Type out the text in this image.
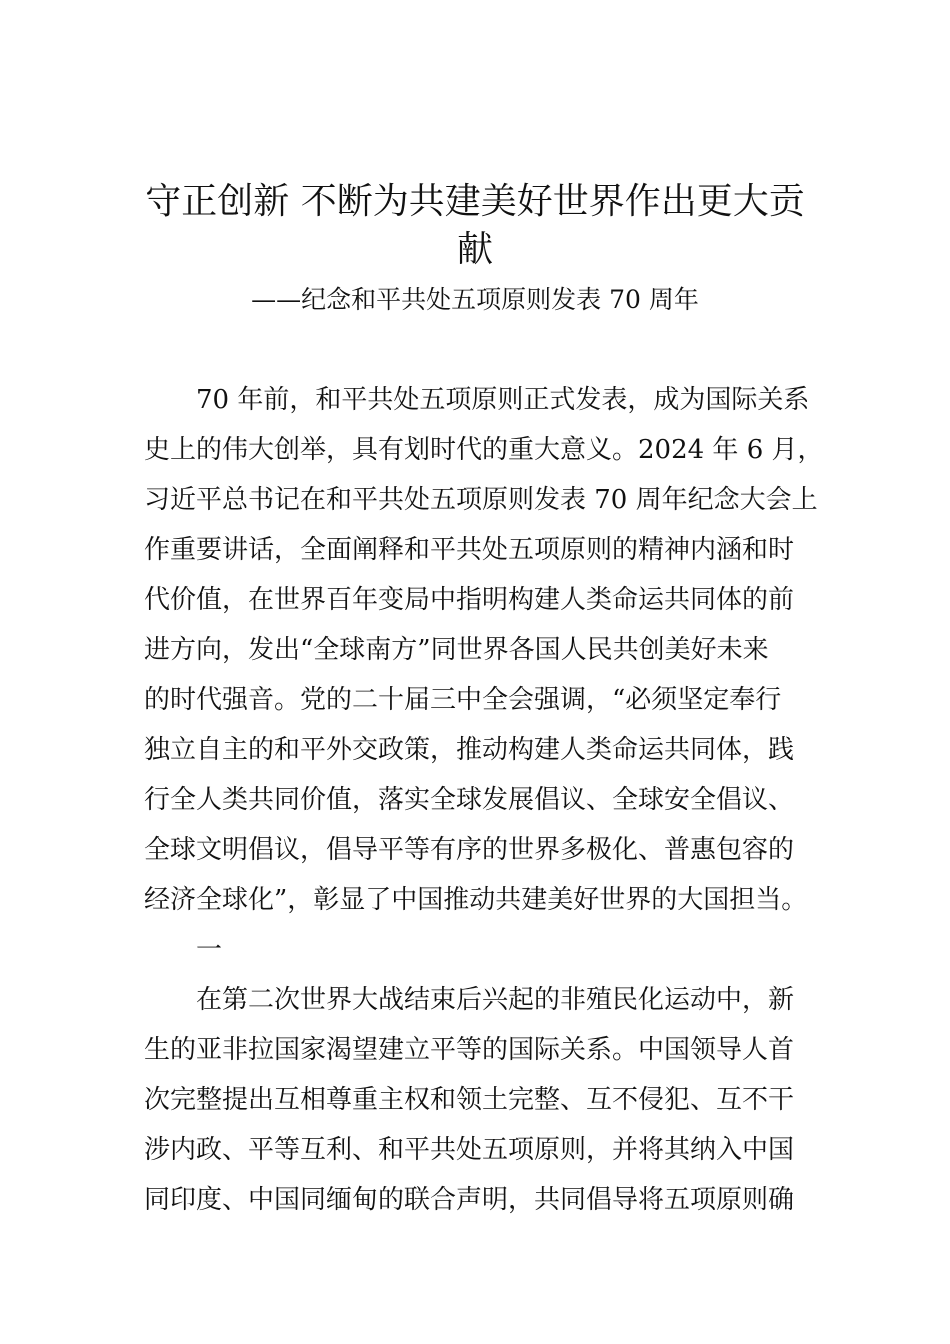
守正创新 不断为共建美好世界作出更大贡
献

——纪念和平共处五项原则发表 70 周年

70 年前，和平共处五项原则正式发表，成为国际关系

史上的伟大创举，具有划时代的重大意义。2024 年 6 月，

习近平总书记在和平共处五项原则发表 70 周年纪念大会上

作重要讲话，全面阐释和平共处五项原则的精神内涵和时

代价值，在世界百年变局中指明构建人类命运共同体的前

进方向，发出“全球南方”同世界各国人民共创美好未来

的时代强音。党的二十届三中全会强调，“必须坚定奉行

独立自主的和平外交政策，推动构建人类命运共同体，践

行全人类共同价值，落实全球发展倡议、全球安全倡议、

全球文明倡议，倡导平等有序的世界多极化、普惠包容的

经济全球化”，彰显了中国推动共建美好世界的大国担当。

一

在第二次世界大战结束后兴起的非殖民化运动中，新

生的亚非拉国家渴望建立平等的国际关系。中国领导人首

次完整提出互相尊重主权和领土完整、互不侵犯、互不干

涉内政、平等互利、和平共处五项原则，并将其纳入中国

同印度、中国同缅甸的联合声明，共同倡导将五项原则确
